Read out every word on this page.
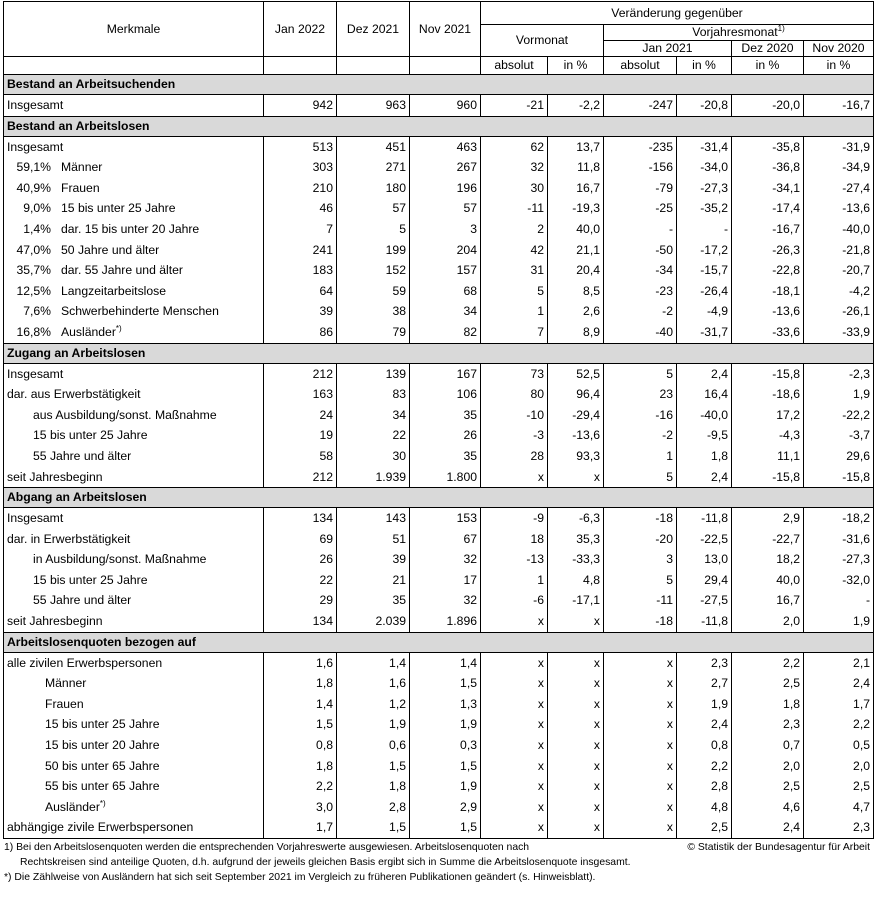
Merkmale	Jan 2022	Dez 2021	Nov 2021	Veränderung gegenüber					
				Vormonat		Vorjahresmonat$^{1)}$
						Jan 2021		Dez 2020	Nov 2020
				absolut	in %	absolut	in %	in %	in %
Bestand an Arbeitsuchenden									
Insgesamt	942	963	960	-21	-2,2	-247	-20,8	-20,0	-16,7
Bestand an Arbeitslosen									
Insgesamt	513	451	463	62	13,7	-235	-31,4	-35,8	-31,9
59,1% Männer	303	271	267	32	11,8	-156	-34,0	-36,8	-34,9
40,9% Frauen	210	180	196	30	16,7	-79	-27,3	-34,1	-27,4
9,0% 15 bis unter 25 Jahre	46	57	57	-11	-19,3	-25	-35,2	-17,4	-13,6
1,4% dar. 15 bis unter 20 Jahre	7	5	3	2	40,0	-	-	-16,7	-40,0
47,0% 50 Jahre und älter	241	199	204	42	21,1	-50	-17,2	-26,3	-21,8
35,7% dar. 55 Jahre und älter	183	152	157	31	20,4	-34	-15,7	-22,8	-20,7
12,5% Langzeitarbeitslose	64	59	68	5	8,5	-23	-26,4	-18,1	-4,2
7,6% Schwerbehinderte Menschen	39	38	34	1	2,6	-2	-4,9	-13,6	-26,1
16,8% Ausländer*)	86	79	82	7	8,9	-40	-31,7	-33,6	-33,9
Zugang an Arbeitslosen									
Insgesamt	212	139	167	73	52,5	5	2,4	-15,8	-2,3
dar. aus Erwerbstätigkeit	163	83	106	80	96,4	23	16,4	-18,6	1,9
aus Ausbildung/sonst. Maßnahme	24	34	35	-10	-29,4	-16	-40,0	17,2	-22,2
15 bis unter 25 Jahre	19	22	26	-3	-13,6	-2	-9,5	-4,3	-3,7
55 Jahre und älter	58	30	35	28	93,3	1	1,8	11,1	29,6
seit Jahresbeginn	212	1.939	1.800	x	x	5	2,4	-15,8	-15,8
Abgang an Arbeitslosen									
Insgesamt	134	143	153	-9	-6,3	-18	-11,8	2,9	-18,2
dar. in Erwerbstätigkeit	69	51	67	18	35,3	-20	-22,5	-22,7	-31,6
in Ausbildung/sonst. Maßnahme	26	39	32	-13	-33,3	3	13,0	18,2	-27,3
15 bis unter 25 Jahre	22	21	17	1	4,8	5	29,4	40,0	-32,0
55 Jahre und älter	29	35	32	-6	-17,1	-11	-27,5	16,7	-
seit Jahresbeginn	134	2.039	1.896	x	x	-18	-11,8	2,0	1,9
Arbeitslosenquoten bezogen auf									
alle zivilen Erwerbspersonen	1,6	1,4	1,4	x	x	x	2,3	2,2	2,1
Männer	1,8	1,6	1,5	x	x	x	2,7	2,5	2,4
Frauen	1,4	1,2	1,3	x	x	x	1,9	1,8	1,7
15 bis unter 25 Jahre	1,5	1,9	1,9	x	x	x	2,4	2,3	2,2
15 bis unter 20 Jahre	0,8	0,6	0,3	x	x	x	0,8	0,7	0,5
50 bis unter 65 Jahre	1,8	1,5	1,5	x	x	x	2,2	2,0	2,0
55 bis unter 65 Jahre	2,2	1,8	1,9	x	x	x	2,8	2,5	2,5
Ausländer*)	3,0	2,8	2,9	x	x	x	4,8	4,6	4,7
abhängige zivile Erwerbspersonen	1,7	1,5	1,5	x	x	x	2,5	2,4	2,3
1) Bei den Arbeitslosenquoten werden die entsprechenden Vorjahreswerte ausgewiesen. Arbeitslosenquoten nach	© Statistik der Bundesagentur für Arbeit
Rechtskreisen sind anteilige Quoten, d.h. aufgrund der jeweils gleichen Basis ergibt sich in Summe die Arbeitslosenquote insgesamt.
*) Die Zählweise von Ausländern hat sich seit September 2021 im Vergleich zu früheren Publikationen geändert (s. Hinweisblatt).
